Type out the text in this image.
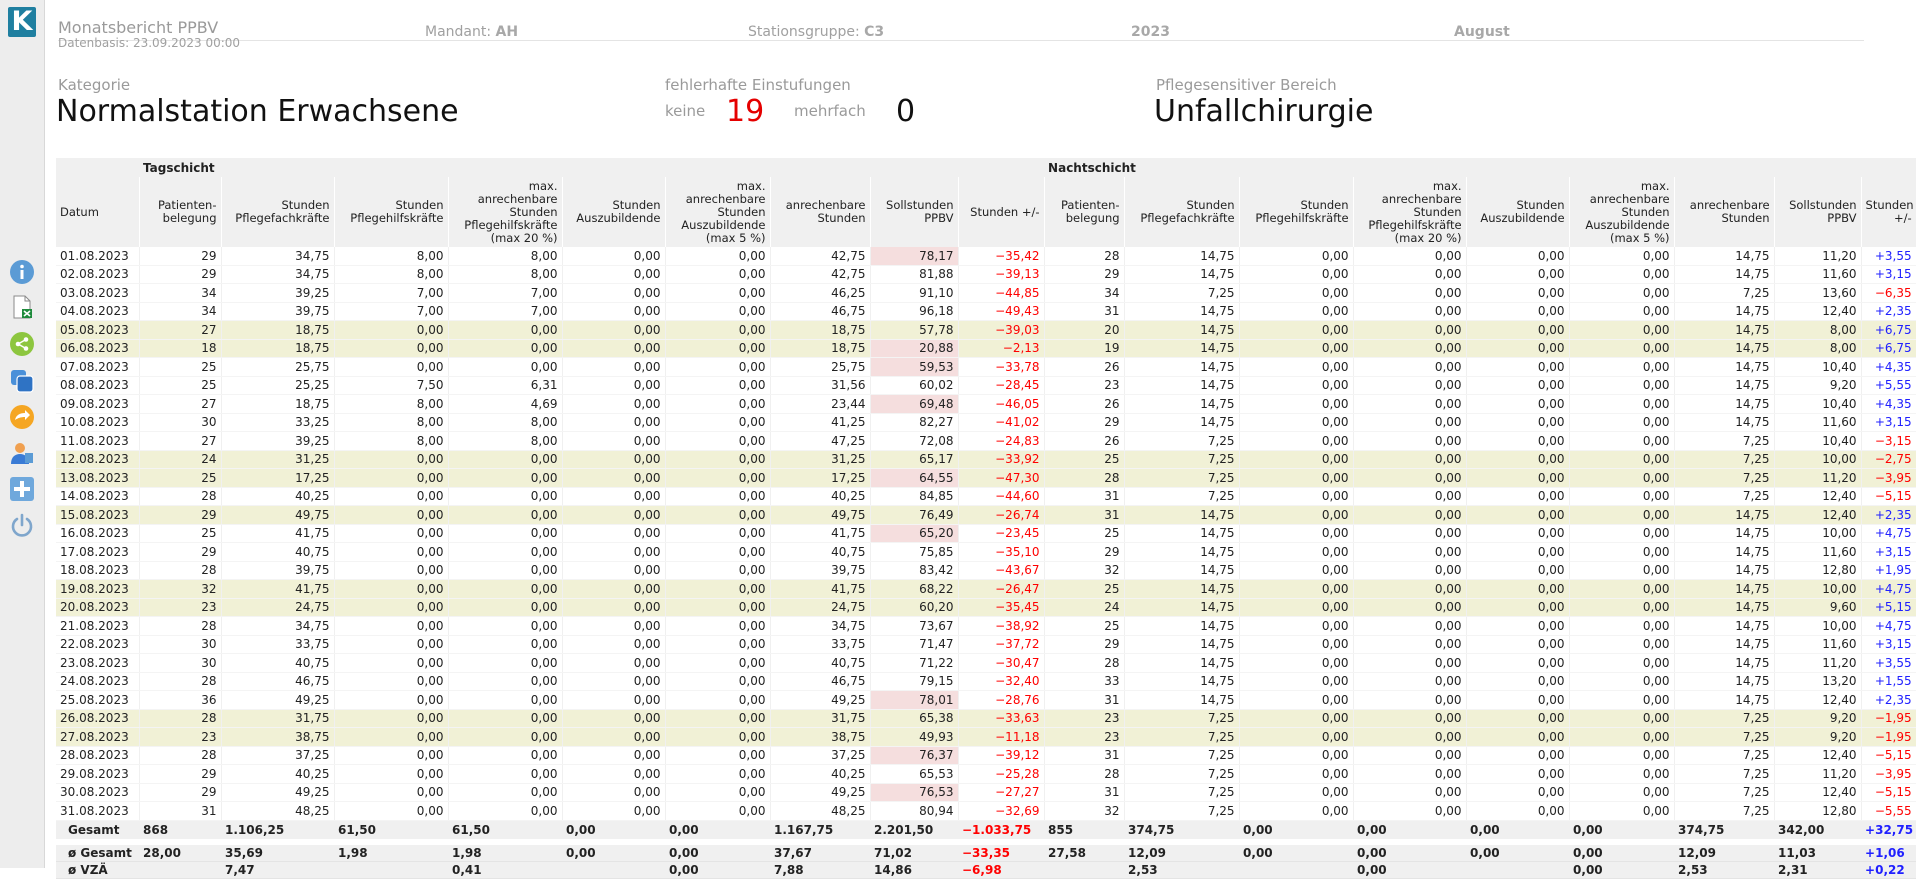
K Monatsbericht PPBV	Mandant: AH	Stationsgruppe: C3	2023	August
Datenbasis: 23.09.2023 00:00
Kategorie
Normalstation Erwachsene
fehlerhafte Einstufungen
keine 19 mehrfach 0
Pflegesensitiver Bereich
Unfallchirurgie
	Tagschicht									Nachtschicht								
Datum	Patienten-belegung	Stunden Pflegefachkräfte	Stunden Pflegehilfskräfte	max. anrechenbare Stunden Pflegehilfskräfte (max 20 %)	Stunden Auszubildende	max. anrechenbare Stunden Auszubildende (max 5 %)	anrechenbare Stunden	Sollstunden PPBV	Stunden +/-	Patienten-belegung	Stunden Pflegefachkräfte	Stunden Pflegehilfskräfte	max. anrechenbare Stunden Pflegehilfskräfte (max 20 %)	Stunden Auszubildende	max. anrechenbare Stunden Auszubildende (max 5 %)	anrechenbare Stunden	Sollstunden PPBV	Stunden +/-
01.08.2023	29	34,75	8,00	8,00	0,00	0,00	42,75	78,17	−35,42	28	14,75	0,00	0,00	0,00	0,00	14,75	11,20	+3,55
02.08.2023	29	34,75	8,00	8,00	0,00	0,00	42,75	81,88	−39,13	29	14,75	0,00	0,00	0,00	0,00	14,75	11,60	+3,15
03.08.2023	34	39,25	7,00	7,00	0,00	0,00	46,25	91,10	−44,85	34	7,25	0,00	0,00	0,00	0,00	7,25	13,60	−6,35
04.08.2023	34	39,75	7,00	7,00	0,00	0,00	46,75	96,18	−49,43	31	14,75	0,00	0,00	0,00	0,00	14,75	12,40	+2,35
05.08.2023	27	18,75	0,00	0,00	0,00	0,00	18,75	57,78	−39,03	20	14,75	0,00	0,00	0,00	0,00	14,75	8,00	+6,75
06.08.2023	18	18,75	0,00	0,00	0,00	0,00	18,75	20,88	−2,13	19	14,75	0,00	0,00	0,00	0,00	14,75	8,00	+6,75
07.08.2023	25	25,75	0,00	0,00	0,00	0,00	25,75	59,53	−33,78	26	14,75	0,00	0,00	0,00	0,00	14,75	10,40	+4,35
08.08.2023	25	25,25	7,50	6,31	0,00	0,00	31,56	60,02	−28,45	23	14,75	0,00	0,00	0,00	0,00	14,75	9,20	+5,55
09.08.2023	27	18,75	8,00	4,69	0,00	0,00	23,44	69,48	−46,05	26	14,75	0,00	0,00	0,00	0,00	14,75	10,40	+4,35
10.08.2023	30	33,25	8,00	8,00	0,00	0,00	41,25	82,27	−41,02	29	14,75	0,00	0,00	0,00	0,00	14,75	11,60	+3,15
11.08.2023	27	39,25	8,00	8,00	0,00	0,00	47,25	72,08	−24,83	26	7,25	0,00	0,00	0,00	0,00	7,25	10,40	−3,15
12.08.2023	24	31,25	0,00	0,00	0,00	0,00	31,25	65,17	−33,92	25	7,25	0,00	0,00	0,00	0,00	7,25	10,00	−2,75
13.08.2023	25	17,25	0,00	0,00	0,00	0,00	17,25	64,55	−47,30	28	7,25	0,00	0,00	0,00	0,00	7,25	11,20	−3,95
14.08.2023	28	40,25	0,00	0,00	0,00	0,00	40,25	84,85	−44,60	31	7,25	0,00	0,00	0,00	0,00	7,25	12,40	−5,15
15.08.2023	29	49,75	0,00	0,00	0,00	0,00	49,75	76,49	−26,74	31	14,75	0,00	0,00	0,00	0,00	14,75	12,40	+2,35
16.08.2023	25	41,75	0,00	0,00	0,00	0,00	41,75	65,20	−23,45	25	14,75	0,00	0,00	0,00	0,00	14,75	10,00	+4,75
17.08.2023	29	40,75	0,00	0,00	0,00	0,00	40,75	75,85	−35,10	29	14,75	0,00	0,00	0,00	0,00	14,75	11,60	+3,15
18.08.2023	28	39,75	0,00	0,00	0,00	0,00	39,75	83,42	−43,67	32	14,75	0,00	0,00	0,00	0,00	14,75	12,80	+1,95
19.08.2023	32	41,75	0,00	0,00	0,00	0,00	41,75	68,22	−26,47	25	14,75	0,00	0,00	0,00	0,00	14,75	10,00	+4,75
20.08.2023	23	24,75	0,00	0,00	0,00	0,00	24,75	60,20	−35,45	24	14,75	0,00	0,00	0,00	0,00	14,75	9,60	+5,15
21.08.2023	28	34,75	0,00	0,00	0,00	0,00	34,75	73,67	−38,92	25	14,75	0,00	0,00	0,00	0,00	14,75	10,00	+4,75
22.08.2023	30	33,75	0,00	0,00	0,00	0,00	33,75	71,47	−37,72	29	14,75	0,00	0,00	0,00	0,00	14,75	11,60	+3,15
23.08.2023	30	40,75	0,00	0,00	0,00	0,00	40,75	71,22	−30,47	28	14,75	0,00	0,00	0,00	0,00	14,75	11,20	+3,55
24.08.2023	28	46,75	0,00	0,00	0,00	0,00	46,75	79,15	−32,40	33	14,75	0,00	0,00	0,00	0,00	14,75	13,20	+1,55
25.08.2023	36	49,25	0,00	0,00	0,00	0,00	49,25	78,01	−28,76	31	14,75	0,00	0,00	0,00	0,00	14,75	12,40	+2,35
26.08.2023	28	31,75	0,00	0,00	0,00	0,00	31,75	65,38	−33,63	23	7,25	0,00	0,00	0,00	0,00	7,25	9,20	−1,95
27.08.2023	23	38,75	0,00	0,00	0,00	0,00	38,75	49,93	−11,18	23	7,25	0,00	0,00	0,00	0,00	7,25	9,20	−1,95
28.08.2023	28	37,25	0,00	0,00	0,00	0,00	37,25	76,37	−39,12	31	7,25	0,00	0,00	0,00	0,00	7,25	12,40	−5,15
29.08.2023	29	40,25	0,00	0,00	0,00	0,00	40,25	65,53	−25,28	28	7,25	0,00	0,00	0,00	0,00	7,25	11,20	−3,95
30.08.2023	29	49,25	0,00	0,00	0,00	0,00	49,25	76,53	−27,27	31	7,25	0,00	0,00	0,00	0,00	7,25	12,40	−5,15
31.08.2023	31	48,25	0,00	0,00	0,00	0,00	48,25	80,94	−32,69	32	7,25	0,00	0,00	0,00	0,00	7,25	12,80	−5,55
Gesamt	868	1.106,25	61,50	61,50	0,00	0,00	1.167,75	2.201,50	−1.033,75	855	374,75	0,00	0,00	0,00	0,00	374,75	342,00	+32,75

ø Gesamt	28,00	35,69	1,98	1,98	0,00	0,00	37,67	71,02	−33,35	27,58	12,09	0,00	0,00	0,00	0,00	12,09	11,03	+1,06
ø VZÄ		7,47		0,41		0,00	7,88	14,86	−6,98		2,53		0,00		0,00	2,53	2,31	+0,22
